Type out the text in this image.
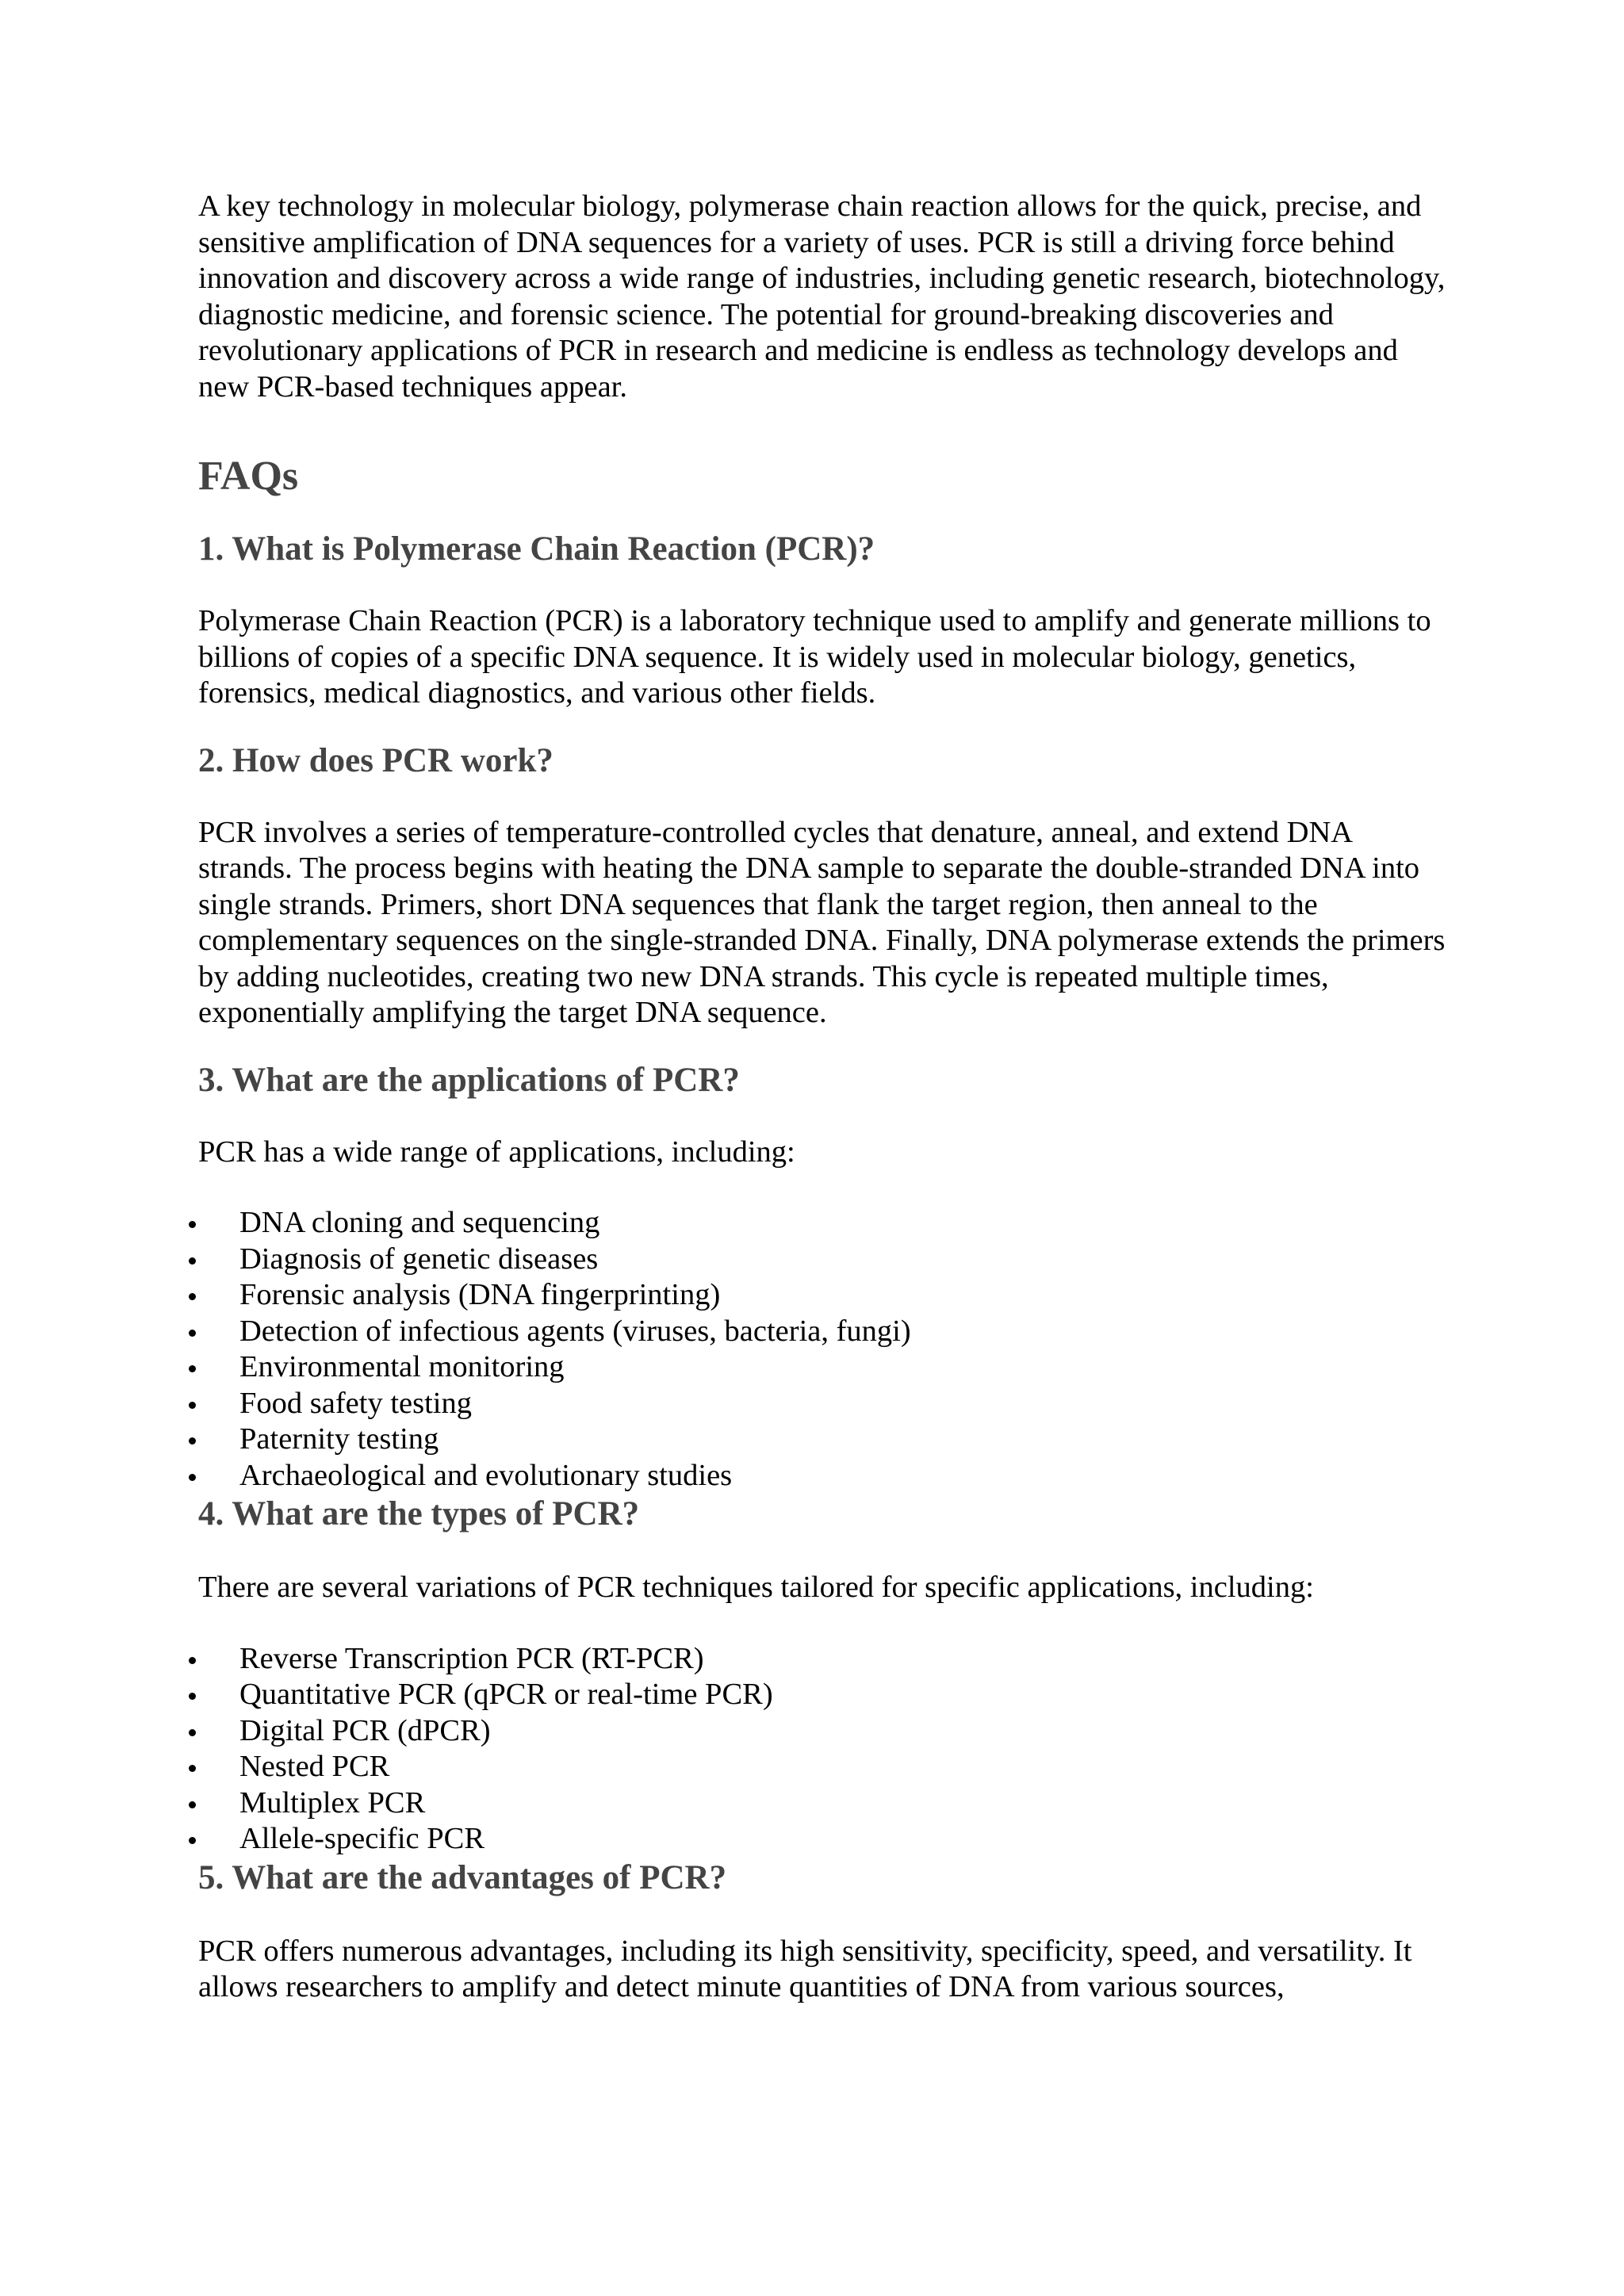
A key technology in molecular biology, polymerase chain reaction allows for the quick, precise, and sensitive amplification of DNA sequences for a variety of uses. PCR is still a driving force behind innovation and discovery across a wide range of industries, including genetic research, biotechnology, diagnostic medicine, and forensic science. The potential for ground-breaking discoveries and revolutionary applications of PCR in research and medicine is endless as technology develops and new PCR-based techniques appear.

FAQs
1. What is Polymerase Chain Reaction (PCR)?

Polymerase Chain Reaction (PCR) is a laboratory technique used to amplify and generate millions to billions of copies of a specific DNA sequence. It is widely used in molecular biology, genetics, forensics, medical diagnostics, and various other fields.

2. How does PCR work?

PCR involves a series of temperature-controlled cycles that denature, anneal, and extend DNA strands. The process begins with heating the DNA sample to separate the double-stranded DNA into single strands. Primers, short DNA sequences that flank the target region, then anneal to the complementary sequences on the single-stranded DNA. Finally, DNA polymerase extends the primers by adding nucleotides, creating two new DNA strands. This cycle is repeated multiple times, exponentially amplifying the target DNA sequence.

3. What are the applications of PCR?

PCR has a wide range of applications, including:

DNA cloning and sequencing
Diagnosis of genetic diseases
Forensic analysis (DNA fingerprinting)
Detection of infectious agents (viruses, bacteria, fungi)
Environmental monitoring
Food safety testing
Paternity testing
Archaeological and evolutionary studies
4. What are the types of PCR?

There are several variations of PCR techniques tailored for specific applications, including:

Reverse Transcription PCR (RT-PCR)
Quantitative PCR (qPCR or real-time PCR)
Digital PCR (dPCR)
Nested PCR
Multiplex PCR
Allele-specific PCR
5. What are the advantages of PCR?

PCR offers numerous advantages, including its high sensitivity, specificity, speed, and versatility. It allows researchers to amplify and detect minute quantities of DNA from various sources,
